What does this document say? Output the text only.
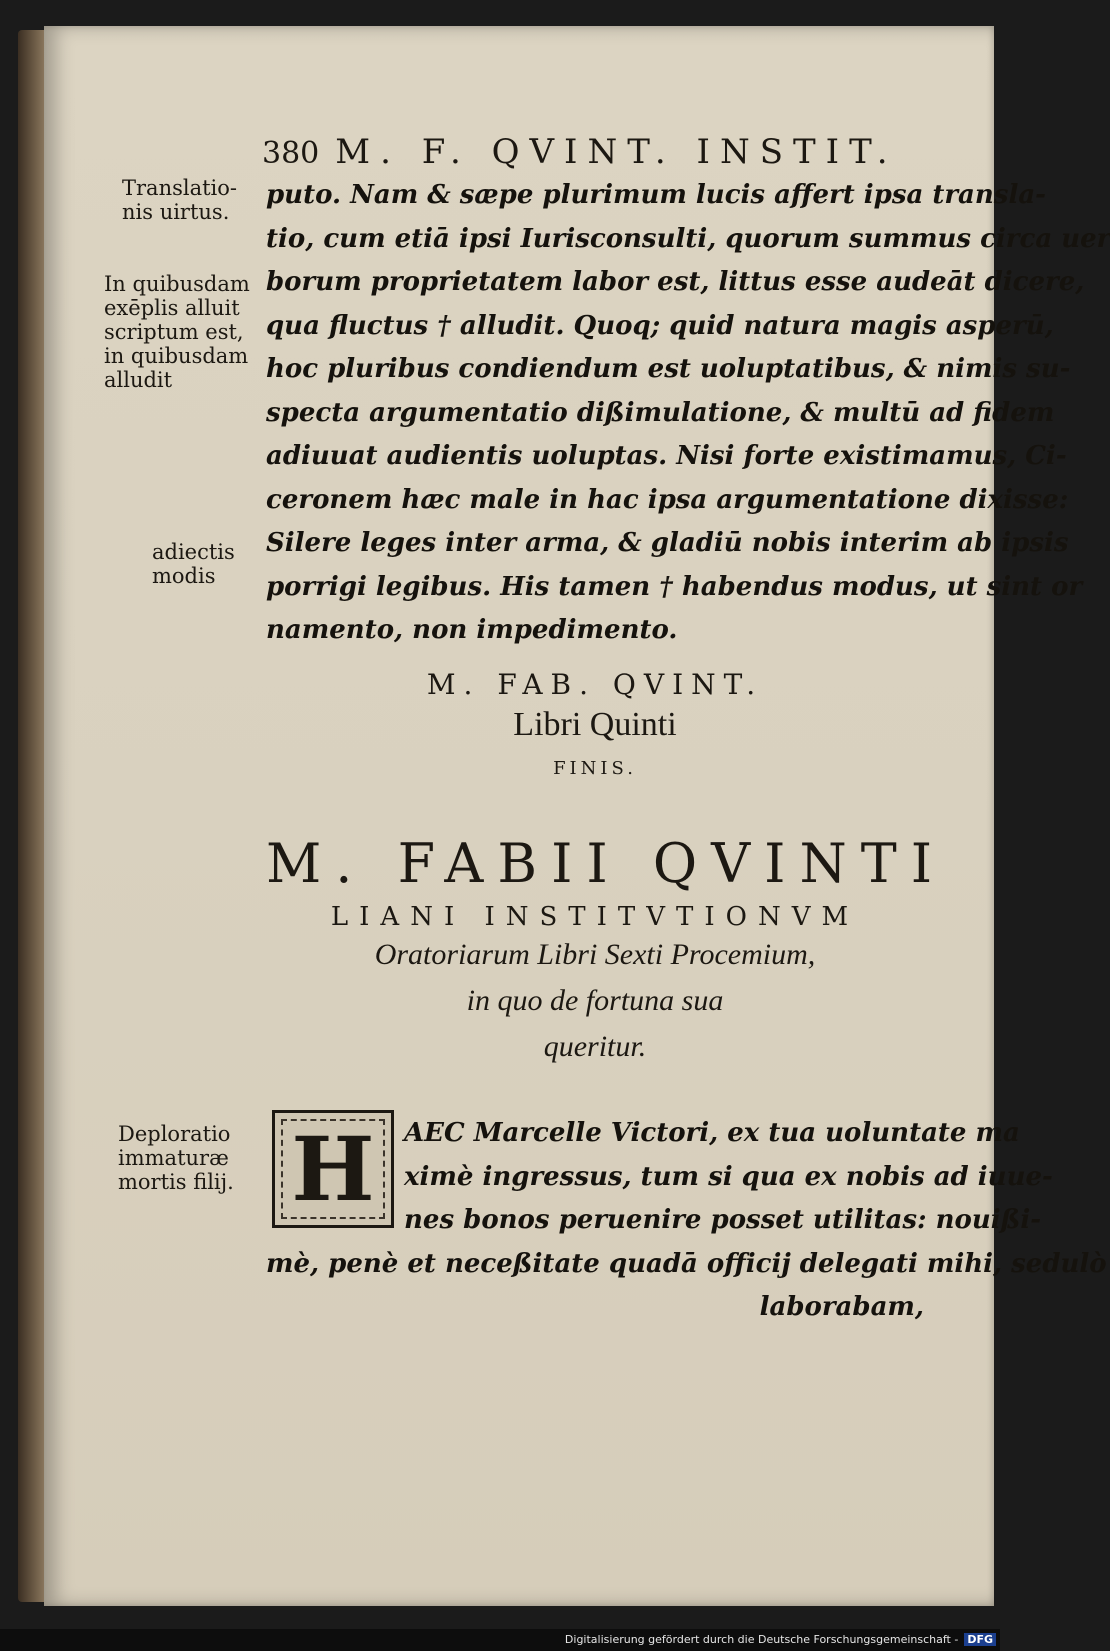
380 M. F. QVINT. INSTIT.
Translatio-
nis uirtus.
In quibusdam
exēplis alluit
scriptum est,
in quibusdam
alludit
adiectis
modis
Deploratio
immaturæ
mortis filij.
puto. Nam & sæpe plurimum lucis affert ipsa transla-
tio, cum etiā ipsi Iurisconsulti, quorum summus circa uer
borum proprietatem labor est, littus esse audeāt dicere,
qua fluctus † alludit. Quoq; quid natura magis asperū,
hoc pluribus condiendum est uoluptatibus, & nimis su-
specta argumentatio dißimulatione, & multū ad fidem
adiuuat audientis uoluptas. Nisi forte existimamus, Ci-
ceronem hæc male in hac ipsa argumentatione dixisse:
Silere leges inter arma, & gladiū nobis interim ab ipsis
porrigi legibus. His tamen † habendus modus, ut sint or
namento, non impedimento.
M. FAB. QVINT.
Libri Quinti
FINIS.
M. FABII QVINTI
LIANI INSTITVTIONVM
Oratoriarum Libri Sexti Procemium,
in quo de fortuna sua
queritur.
H	AEC Marcelle Victori, ex tua uoluntate ma
ximè ingressus, tum si qua ex nobis ad iuue-
nes bonos peruenire posset utilitas: nouißi-
mè, penè et neceßitate quadā officij delegati mihi, sedulò
laborabam,
Digitalisierung gefördert durch die Deutsche Forschungsgemeinschaft - DFG
